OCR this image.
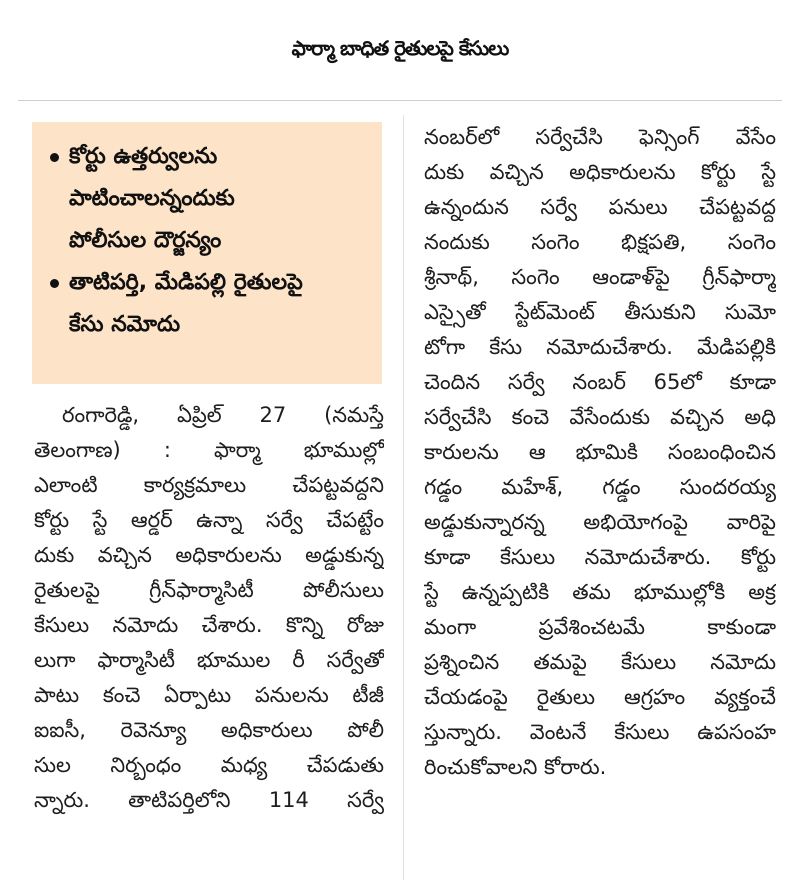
ఫార్మా బాధిత రైతులపై కేసులు
కోర్టు ఉత్తర్వులను
పాటించాలన్నందుకు
పోలీసుల దౌర్జన్యం
తాటిపర్తి, మేడిపల్లి రైతులపై
కేసు నమోదు
రంగారెడ్డి, ఏప్రిల్ 27 (నమస్తే
తెలంగాణ) : ఫార్మా భూముల్లో
ఎలాంటి కార్యక్రమాలు చేపట్టవద్దని
కోర్టు స్టే ఆర్డర్ ఉన్నా సర్వే చేపట్టేం
దుకు వచ్చిన అధికారులను అడ్డుకున్న
రైతులపై గ్రీన్‌ఫార్మాసిటీ పోలీసులు
కేసులు నమోదు చేశారు. కొన్ని రోజు
లుగా ఫార్మాసిటీ భూముల రీ సర్వేతో
పాటు కంచె ఏర్పాటు పనులను టీజీ
ఐఐసీ, రెవెన్యూ అధికారులు పోలీ
సుల నిర్బంధం మధ్య చేపడుతు
న్నారు. తాటిపర్తిలోని 114 సర్వే
నంబర్‌లో సర్వేచేసి ఫెన్సింగ్ వేసేం
దుకు వచ్చిన అధికారులను కోర్టు స్టే
ఉన్నందున సర్వే పనులు చేపట్టవద్ద
నందుకు సంగెం భిక్షపతి, సంగెం
శ్రీనాథ్, సంగెం ఆండాళ్‌పై గ్రీన్‌ఫార్మా
ఎస్సైతో స్టేట్‌మెంట్ తీసుకుని సుమో
టోగా కేసు నమోదుచేశారు. మేడిపల్లికి
చెందిన సర్వే నంబర్ 65లో కూడా
సర్వేచేసి కంచె వేసేందుకు వచ్చిన అధి
కారులను ఆ భూమికి సంబంధించిన
గడ్డం మహేశ్, గడ్డం సుందరయ్య
అడ్డుకున్నారన్న అభియోగంపై వారిపై
కూడా కేసులు నమోదుచేశారు. కోర్టు
స్టే ఉన్నప్పటికి తమ భూముల్లోకి అక్ర
మంగా ప్రవేశించటమే కాకుండా
ప్రశ్నించిన తమపై కేసులు నమోదు
చేయడంపై రైతులు ఆగ్రహం వ్యక్తంచే
స్తున్నారు. వెంటనే కేసులు ఉపసంహ
రించుకోవాలని కోరారు.
